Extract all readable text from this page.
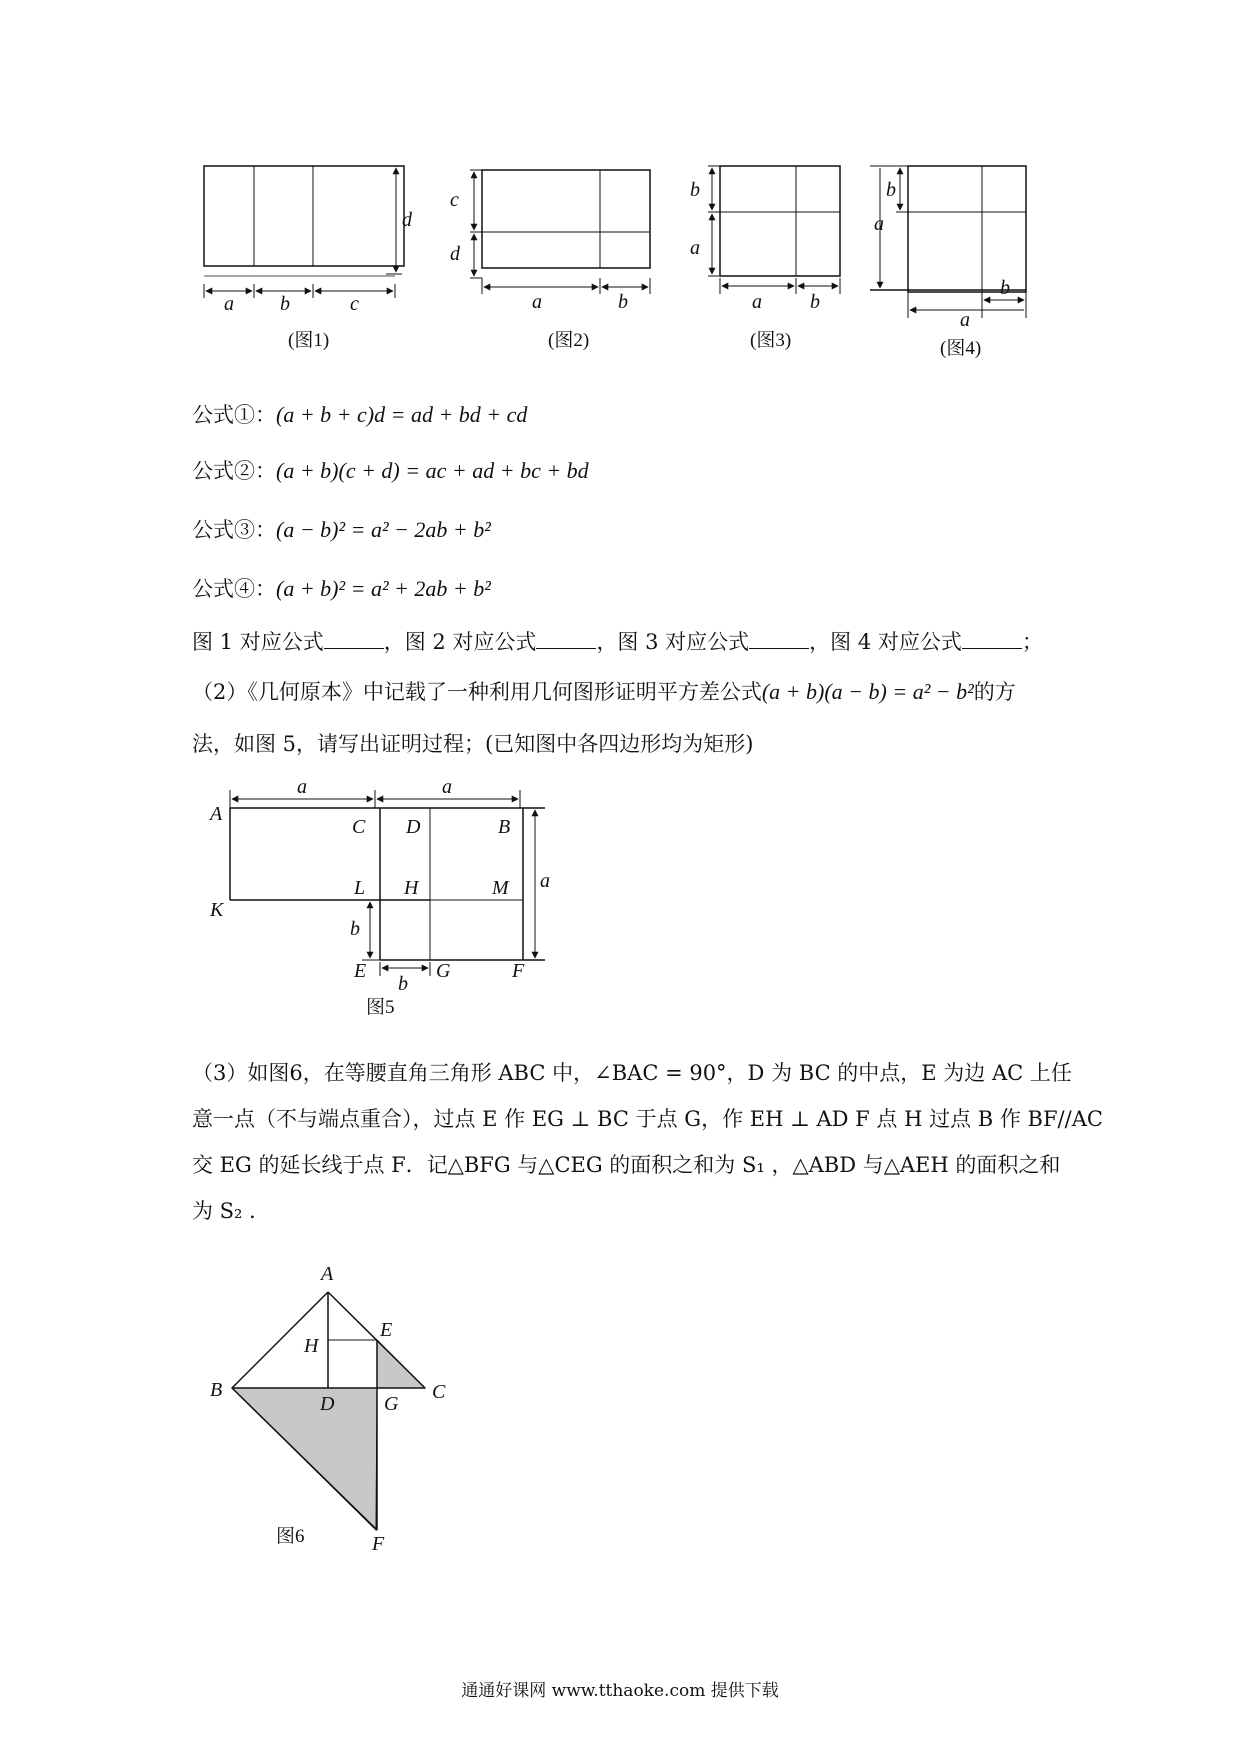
a b	c
d
(图1)
c
d
a	b
(图2)
b
a
a b
(图3)
b
a
a
b
(图4)
公式①：(a + b + c)d = ad + bd + cd
公式②：(a + b)(c + d) = ac + ad + bc + bd
公式③：(a − b)² = a² − 2ab + b²
公式④：(a + b)² = a² + 2ab + b²
图 1 对应公式	，图 2 对应公式	，图 3 对应公式	，图 4 对应公式	；
（2）《几何原本》中记载了一种利用几何图形证明平方差公式(a + b)(a − b) = a² − b²的方
法，如图 5，请写出证明过程；(已知图中各四边形均为矩形)
A
C D	B
K
L H	M
E	G	F
a	a
a
b
b
图5
（3）如图6，在等腰直角三角形 ABC 中，∠BAC = 90°，D 为 BC 的中点，E 为边 AC 上任
意一点（不与端点重合），过点 E 作 EG ⊥ BC 于点 G，作 EH ⊥ AD F 点 H 过点 B 作 BF//AC
交 EG 的延长线于点 F．记△BFG 与△CEG 的面积之和为 S₁ ，△ABD 与△AEH 的面积之和
为 S₂ ．
A
H
E
B
D G
C
F
图6
通通好课网 www.tthaoke.com 提供下载
